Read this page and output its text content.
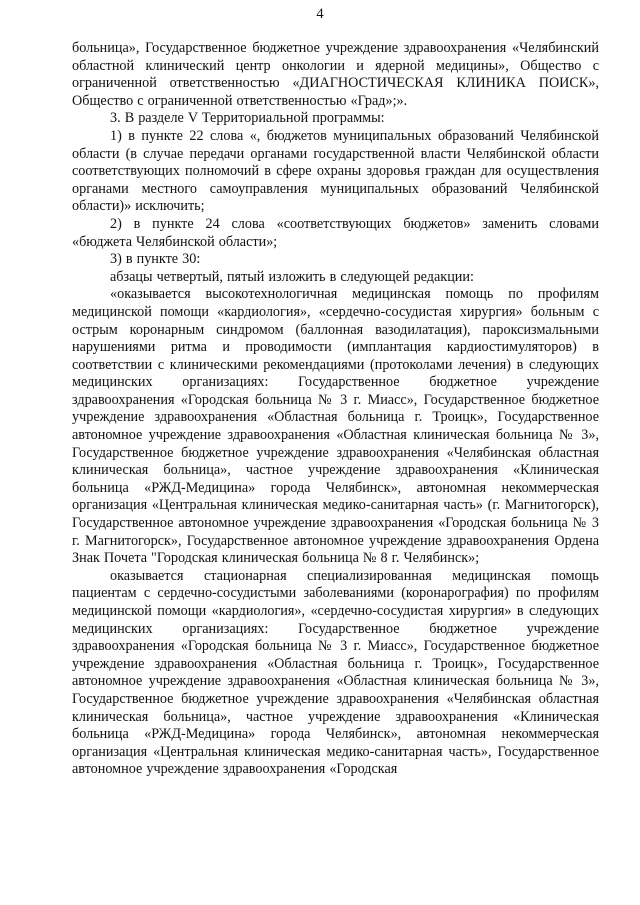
4

больница», Государственное бюджетное учреждение здравоохранения «Челябинский областной клинический центр онкологии и ядерной медицины», Общество с ограниченной ответственностью «ДИАГНОСТИЧЕСКАЯ КЛИНИКА ПОИСК», Общество с ограниченной ответственностью «Град»;».

3. В разделе V Территориальной программы:

1) в пункте 22 слова «, бюджетов муниципальных образований Челябинской области (в случае передачи органами государственной власти Челябинской области соответствующих полномочий в сфере охраны здоровья граждан для осуществления органами местного самоуправления муниципальных образований Челябинской области)» исключить;

2) в пункте 24 слова «соответствующих бюджетов» заменить словами «бюджета Челябинской области»;

3) в пункте 30:

абзацы четвертый, пятый изложить в следующей редакции:

«оказывается высокотехнологичная медицинская помощь по профилям медицинской помощи «кардиология», «сердечно-сосудистая хирургия» больным с острым коронарным синдромом (баллонная вазодилатация), пароксизмальными нарушениями ритма и проводимости (имплантация кардиостимуляторов) в соответствии с клиническими рекомендациями (протоколами лечения) в следующих медицинских организациях: Государственное бюджетное учреждение здравоохранения «Городская больница № 3 г. Миасс», Государственное бюджетное учреждение здравоохранения «Областная больница г. Троицк», Государственное автономное учреждение здравоохранения «Областная клиническая больница № 3», Государственное бюджетное учреждение здравоохранения «Челябинская областная клиническая больница», частное учреждение здравоохранения «Клиническая больница «РЖД-Медицина» города Челябинск», автономная некоммерческая организация «Центральная клиническая медико-санитарная часть» (г. Магнитогорск), Государственное автономное учреждение здравоохранения «Городская больница № 3 г. Магнитогорск», Государственное автономное учреждение здравоохранения Ордена Знак Почета "Городская клиническая больница № 8 г. Челябинск»;

оказывается стационарная специализированная медицинская помощь пациентам с сердечно-сосудистыми заболеваниями (коронарография) по профилям медицинской помощи «кардиология», «сердечно-сосудистая хирургия» в следующих медицинских организациях: Государственное бюджетное учреждение здравоохранения «Городская больница № 3 г. Миасс», Государственное бюджетное учреждение здравоохранения «Областная больница г. Троицк», Государственное автономное учреждение здравоохранения «Областная клиническая больница № 3», Государственное бюджетное учреждение здравоохранения «Челябинская областная клиническая больница», частное учреждение здравоохранения «Клиническая больница «РЖД-Медицина» города Челябинск», автономная некоммерческая организация «Центральная клиническая медико-санитарная часть», Государственное автономное учреждение здравоохранения «Городская
